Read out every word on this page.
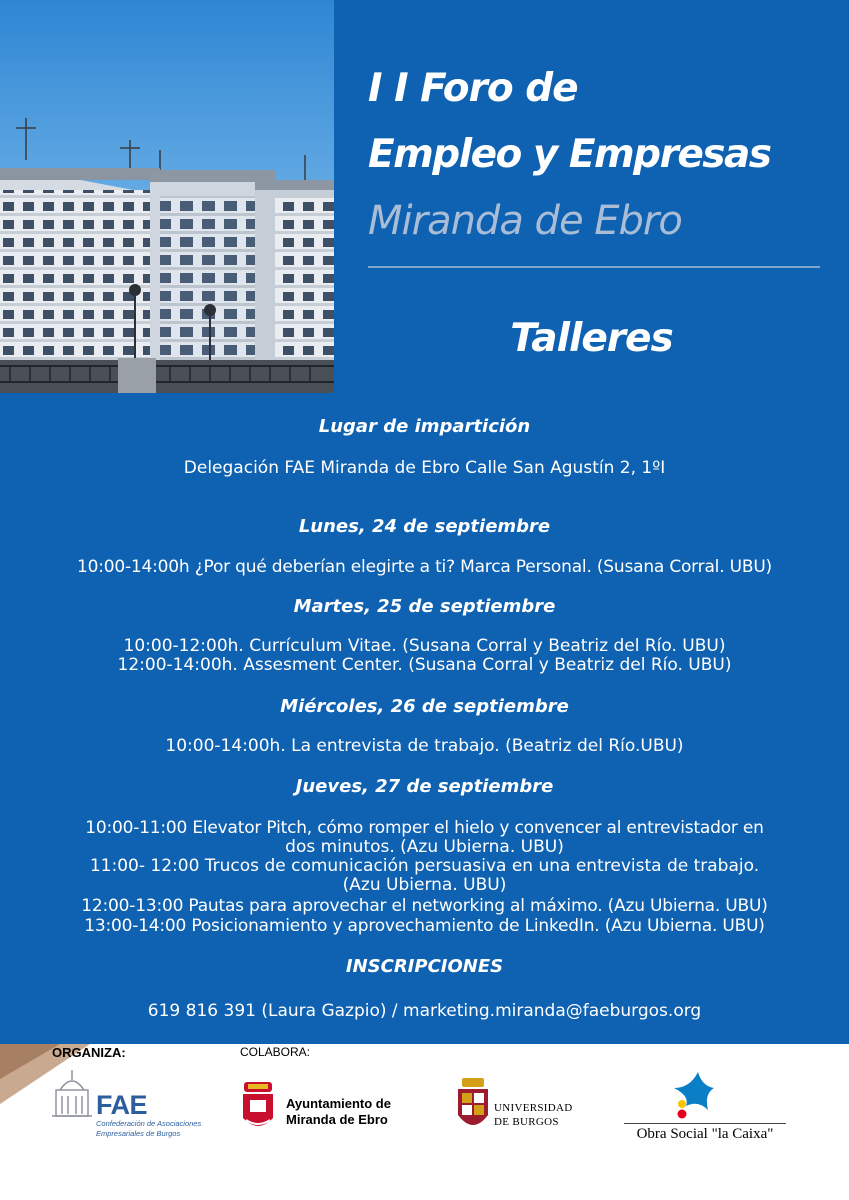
I I Foro de
Empleo y Empresas
Miranda de Ebro
Talleres
Lugar de impartición
Delegación FAE Miranda de Ebro Calle San Agustín 2, 1ºI
Lunes, 24 de septiembre
10:00-14:00h ¿Por qué deberían elegirte a ti? Marca Personal. (Susana Corral. UBU)
Martes, 25 de septiembre
10:00-12:00h. Currículum Vitae. (Susana Corral y Beatriz del Río. UBU)
12:00-14:00h. Assesment Center. (Susana Corral y Beatriz del Río. UBU)
Miércoles, 26 de septiembre
10:00-14:00h. La entrevista de trabajo. (Beatriz del Río.UBU)
Jueves, 27 de septiembre
10:00-11:00 Elevator Pitch, cómo romper el hielo y convencer al entrevistador en
dos minutos. (Azu Ubierna. UBU)
11:00- 12:00 Trucos de comunicación persuasiva en una entrevista de trabajo.
(Azu Ubierna. UBU)
12:00-13:00 Pautas para aprovechar el networking al máximo. (Azu Ubierna. UBU)
13:00-14:00 Posicionamiento y aprovechamiento de LinkedIn. (Azu Ubierna. UBU)
INSCRIPCIONES
619 816 391 (Laura Gazpio) / marketing.miranda@faeburgos.org
ORGANIZA:	COLABORA:
FAE
Confederación de Asociaciones
Empresariales de Burgos
Ayuntamiento de
Miranda de Ebro
UNIVERSIDAD
DE BURGOS
Obra Social "la Caixa"
